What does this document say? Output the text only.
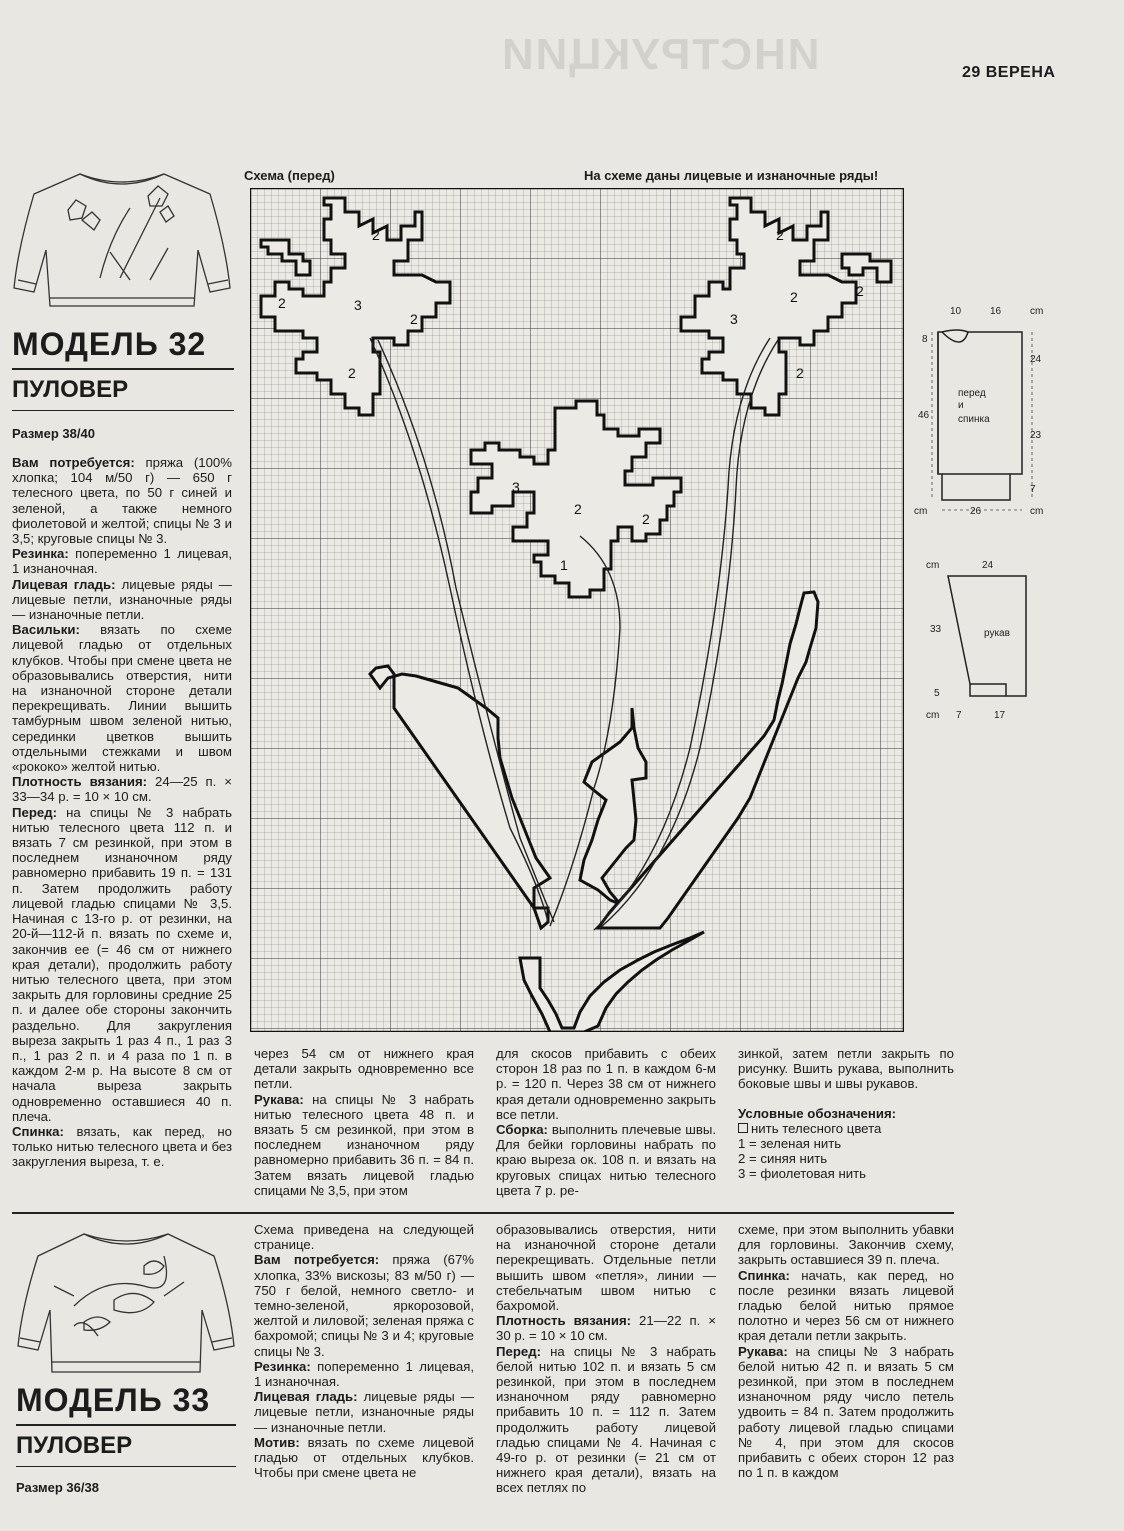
ИНСТРУКЦИИ	29 ВЕРЕНА
МОДЕЛЬ 32
ПУЛОВЕР
Размер 38/40

Вам потребуется: пряжа (100% хлопка; 104 м/50 г) — 650 г телесного цвета, по 50 г синей и зеленой, а также немного фиолетовой и желтой; спицы № 3 и 3,5; круговые спицы № 3.

Резинка: попеременно 1 лицевая, 1 изнаночная.

Лицевая гладь: лицевые ряды — лицевые петли, изнаночные ряды — изнаночные петли.

Васильки: вязать по схеме лицевой гладью от отдельных клубков. Чтобы при смене цвета не образовывались отверстия, нити на изнаночной стороне детали перекрещивать. Линии вышить тамбурным швом зеленой нитью, серединки цветков вышить отдельными стежками и швом «рококо» желтой нитью.

Плотность вязания: 24—25 п. × 33—34 р. = 10 × 10 см.

Перед: на спицы № 3 набрать нитью телесного цвета 112 п. и вязать 7 см резинкой, при этом в последнем изнаночном ряду равномерно прибавить 19 п. = 131 п. Затем продолжить работу лицевой гладью спицами № 3,5. Начиная с 13-го р. от резинки, на 20-й—112-й п. вязать по схеме и, закончив ее (= 46 см от нижнего края детали), продолжить работу нитью телесного цвета, при этом закрыть для горловины средние 25 п. и далее обе стороны закончить раздельно. Для закругления выреза закрыть 1 раз 4 п., 1 раз 3 п., 1 раз 2 п. и 4 раза по 1 п. в каждом 2-м р. На высоте 8 см от начала выреза закрыть одновременно оставшиеся 40 п. плеча.

Спинка: вязать, как перед, но только нитью телесного цвета и без закругления выреза, т. е.

Схема (перед)	На схеме даны лицевые и изнаночные ряды!
2
2	3
2
2
2
3
2	2
2
3
2
2
1
10	16	cm
8
24
46
перед
и
спинка
23
7
cm	26	cm
cm	24
33	рукав
5
cm 7	17

через 54 см от нижнего края детали закрыть одновременно все петли.

Рукава: на спицы № 3 набрать нитью телесного цвета 48 п. и вязать 5 см резинкой, при этом в последнем изнаночном ряду равномерно прибавить 36 п. = 84 п. Затем вязать лицевой гладью спицами № 3,5, при этом

для скосов прибавить с обеих сторон 18 раз по 1 п. в каждом 6-м р. = 120 п. Через 38 см от нижнего края детали одновременно закрыть все петли.

Сборка: выполнить плечевые швы. Для бейки горловины набрать по краю выреза ок. 108 п. и вязать на круговых спицах нитью телесного цвета 7 р. ре-

зинкой, затем петли закрыть по рисунку. Вшить рукава, выполнить боковые швы и швы рукавов.

Условные обозначения:

нить телесного цвета

1 = зеленая нить

2 = синяя нить

3 = фиолетовая нить

МОДЕЛЬ 33
ПУЛОВЕР
Размер 36/38

Схема приведена на следующей странице.

Вам потребуется: пряжа (67% хлопка, 33% вискозы; 83 м/50 г) — 750 г белой, немного светло- и темно-зеленой, яркорозовой, желтой и лиловой; зеленая пряжа с бахромой; спицы № 3 и 4; круговые спицы № 3.

Резинка: попеременно 1 лицевая, 1 изнаночная.

Лицевая гладь: лицевые ряды — лицевые петли, изнаночные ряды — изнаночные петли.

Мотив: вязать по схеме лицевой гладью от отдельных клубков. Чтобы при смене цвета не

образовывались отверстия, нити на изнаночной стороне детали перекрещивать. Отдельные петли вышить швом «петля», линии — стебельчатым швом нитью с бахромой.

Плотность вязания: 21—22 п. × 30 р. = 10 × 10 см.

Перед: на спицы № 3 набрать белой нитью 102 п. и вязать 5 см резинкой, при этом в последнем изнаночном ряду равномерно прибавить 10 п. = 112 п. Затем продолжить работу лицевой гладью спицами № 4. Начиная с 49-го р. от резинки (= 21 см от нижнего края детали), вязать на всех петлях по

схеме, при этом выполнить убавки для горловины. Закончив схему, закрыть оставшиеся 39 п. плеча.

Спинка: начать, как перед, но после резинки вязать лицевой гладью белой нитью прямое полотно и через 56 см от нижнего края детали петли закрыть.

Рукава: на спицы № 3 набрать белой нитью 42 п. и вязать 5 см резинкой, при этом в последнем изнаночном ряду число петель удвоить = 84 п. Затем продолжить работу лицевой гладью спицами № 4, при этом для скосов прибавить с обеих сторон 12 раз по 1 п. в каждом
